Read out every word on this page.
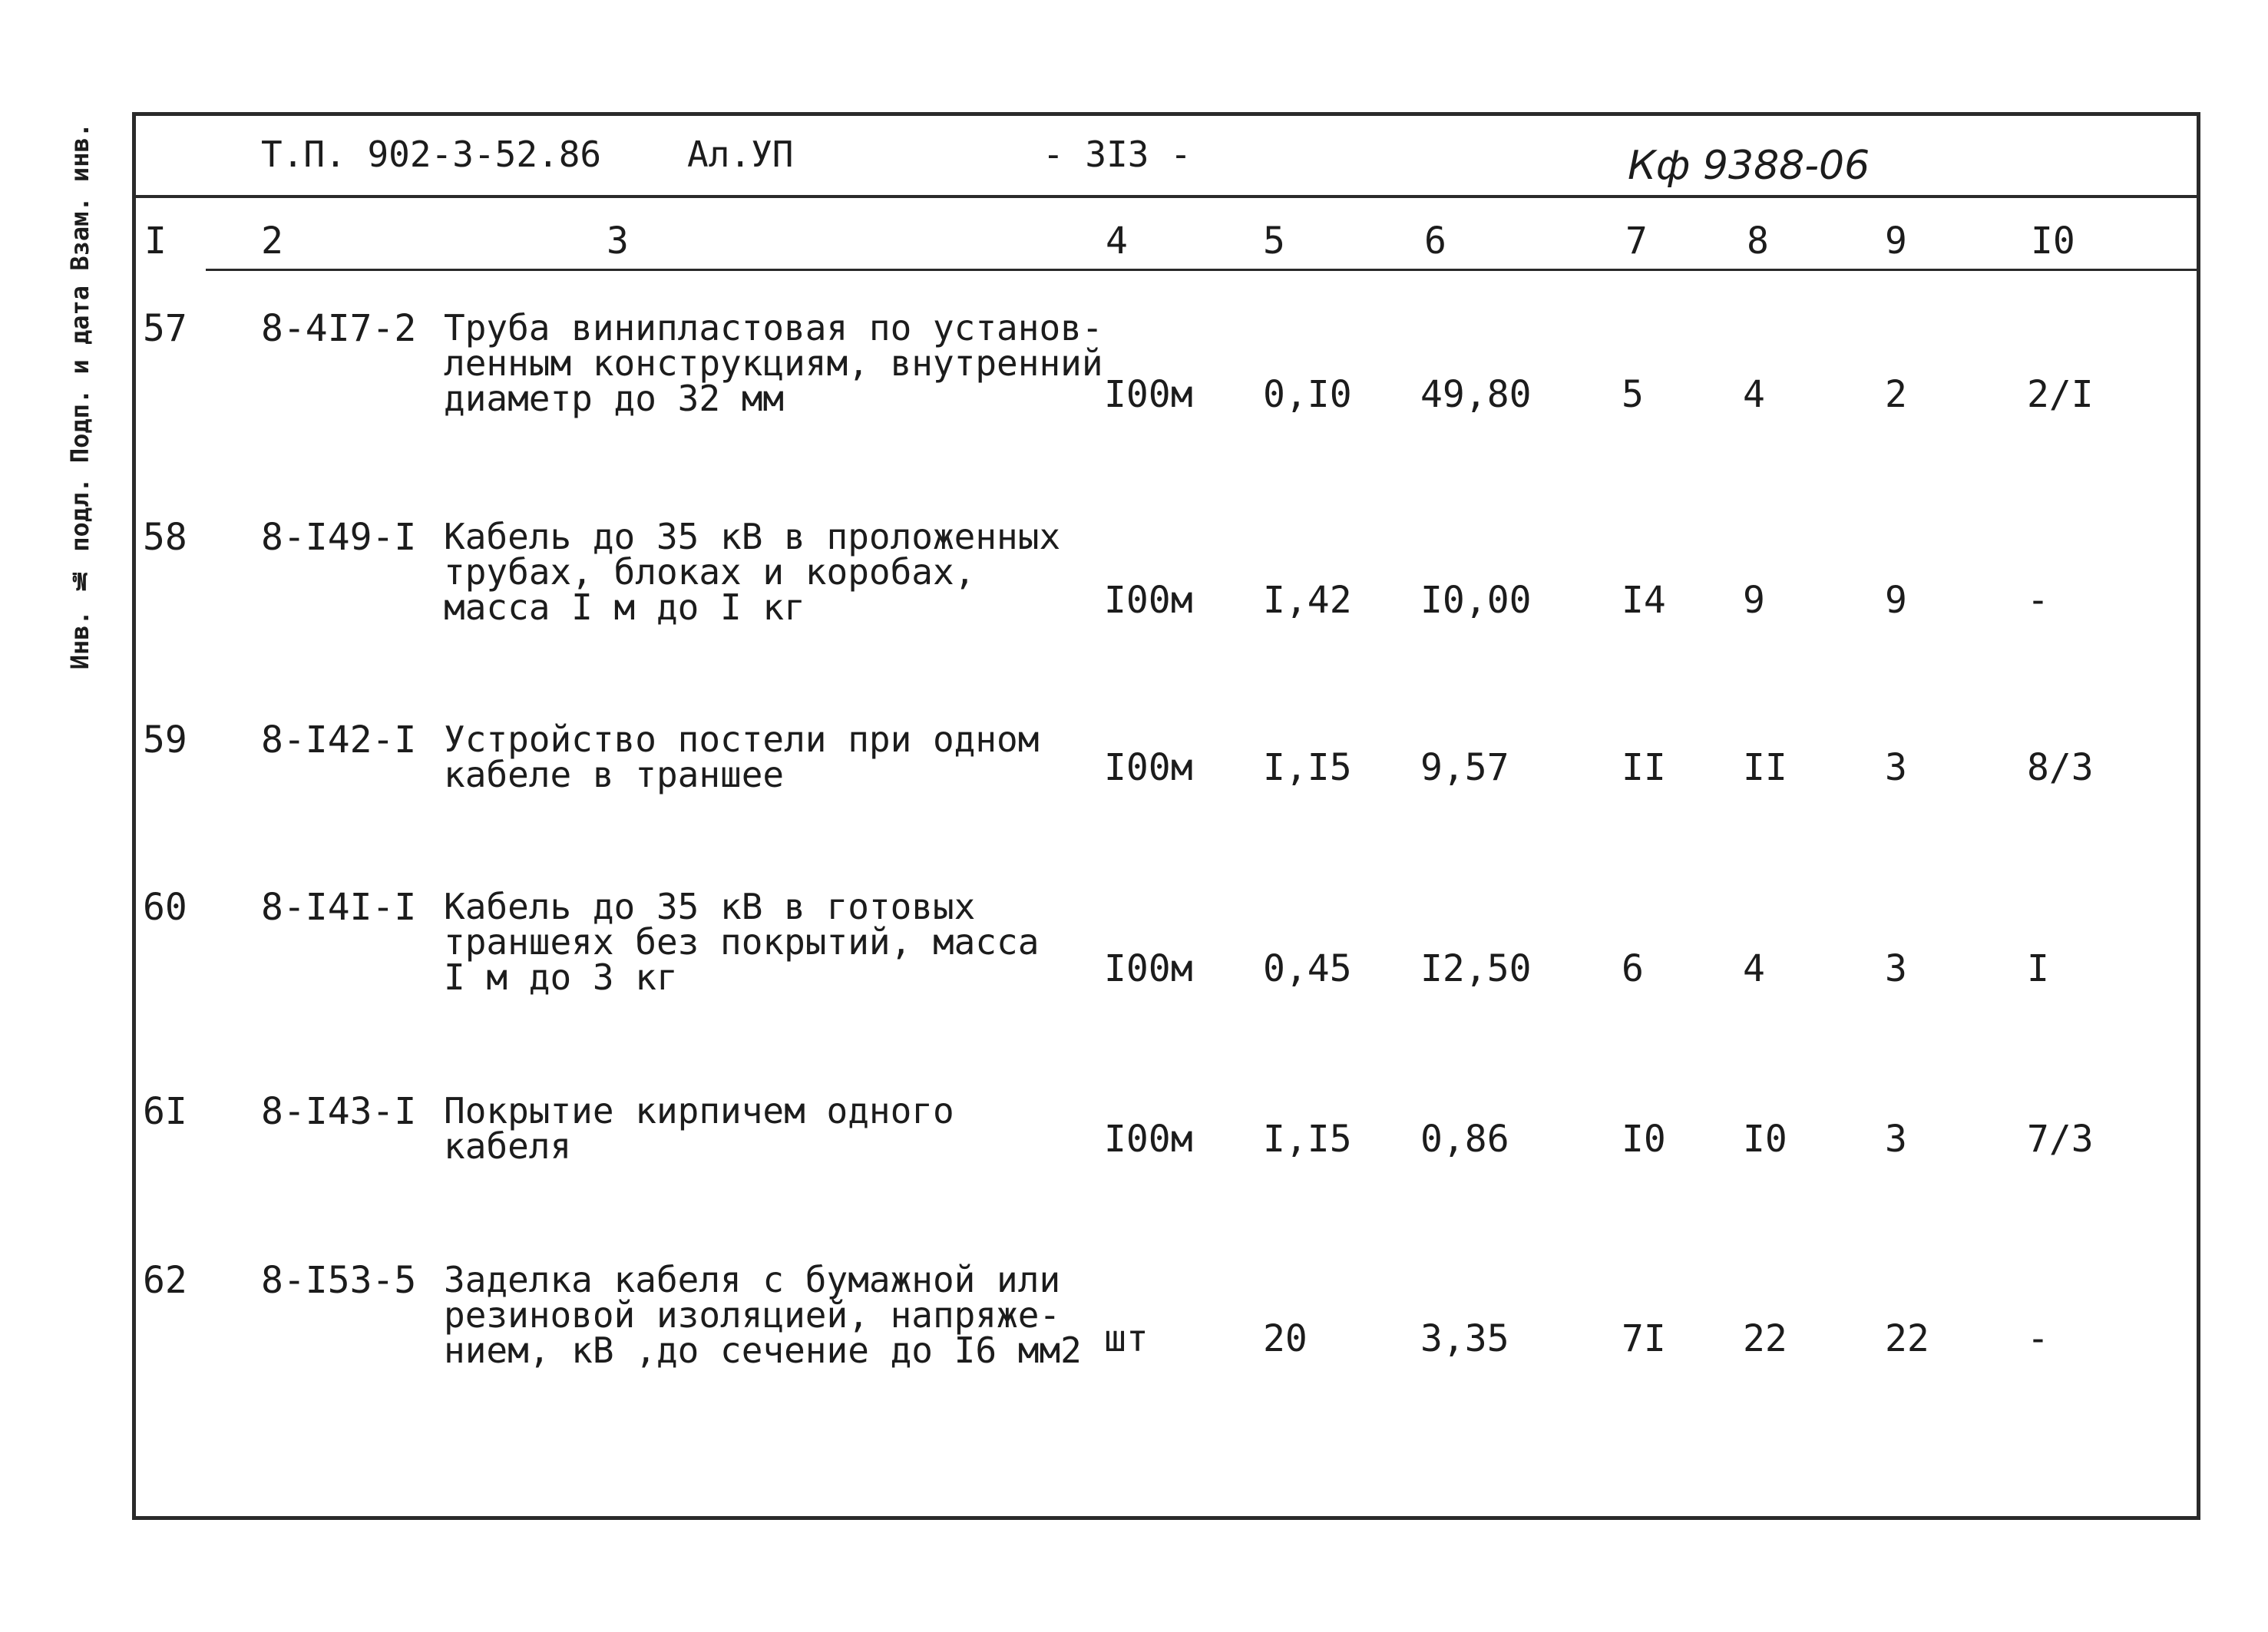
Инв. № подл. Подп. и дата Взам. инв.	Т.П. 902-3-52.86 Ал.УП	- 3I3 -	Кф 9388-06
I	2	3	4	5	6	7	8	9	I0
57 8-4I7-2 Труба винипластовая по установ-
ленным конструкциям, внутренний
диаметр до 32 мм	I00м 0,I0 49,80 5	4	2	2/I
58 8-I49-I Кабель до 35 кВ в проложенных
трубах, блоках и коробах,
масса I м до I кг	I00м I,42 I0,00 I4 9	9	-
59 8-I42-I Устройство постели при одном
кабеле в траншее	I00м I,I5 9,57	II II	3	8/3
60 8-I4I-I Кабель до 35 кВ в готовых
траншеях без покрытий, масса
I м до 3 кг	I00м 0,45 I2,50 6	4	3	I
6I 8-I43-I Покрытие кирпичем одного
кабеля	I00м I,I5 0,86	I0 I0	3	7/3
62 8-I53-5 Заделка кабеля с бумажной или
резиновой изоляцией, напряже-
нием, кВ ,до сечение до I6 мм2 шт	20	3,35	7I 22	22	-
